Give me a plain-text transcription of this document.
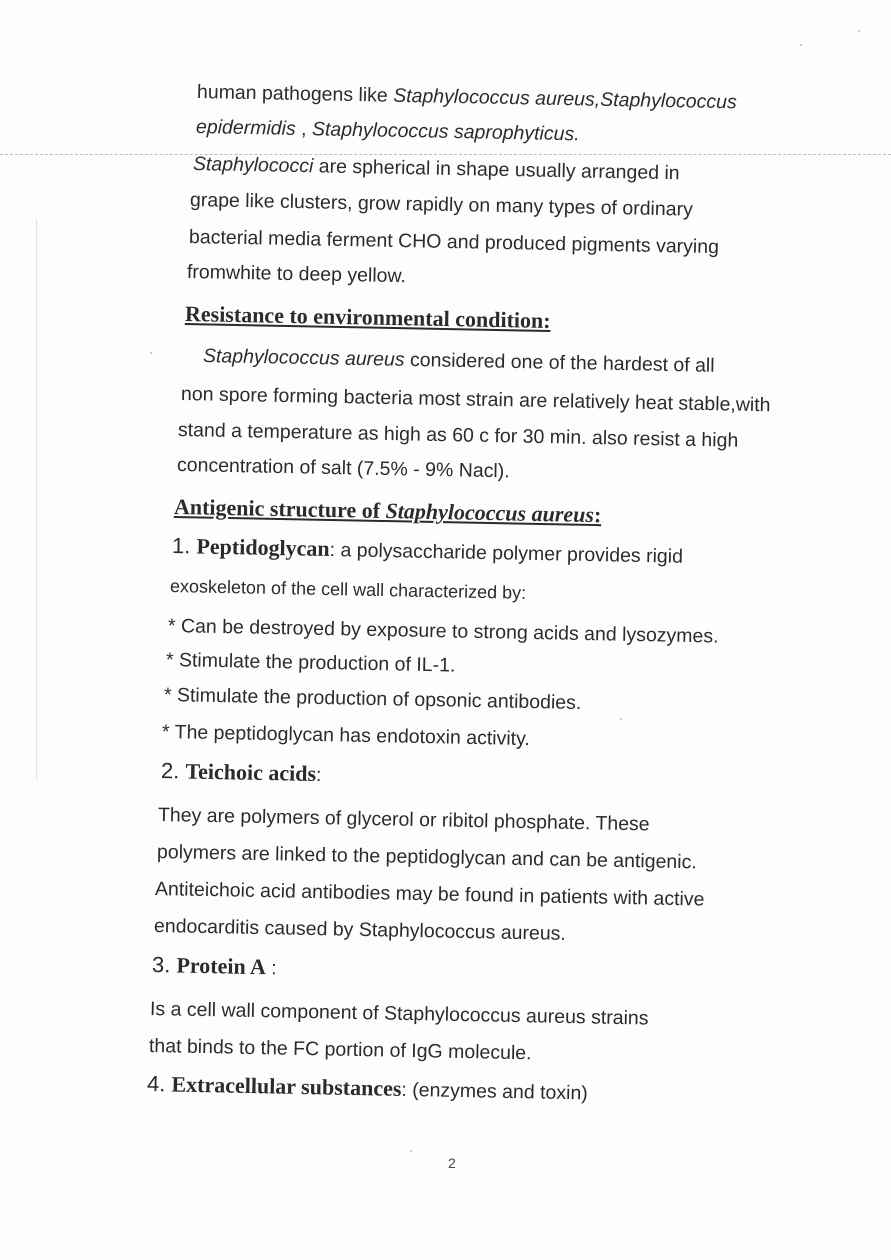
human pathogens like Staphylococcus aureus,Staphylococcus
epidermidis , Staphylococcus saprophyticus.
Staphylococci are spherical in shape usually arranged in
grape like clusters, grow rapidly on many types of ordinary
bacterial media ferment CHO and produced pigments varying
fromwhite to deep yellow.
Resistance to environmental condition:
Staphylococcus aureus considered one of the hardest of all
non spore forming bacteria most strain are relatively heat stable,with
stand a temperature as high as 60 c for 30 min. also resist a high
concentration of salt (7.5% - 9% Nacl).
Antigenic structure of Staphylococcus aureus:
1. Peptidoglycan: a polysaccharide polymer provides rigid
exoskeleton of the cell wall characterized by:
* Can be destroyed by exposure to strong acids and lysozymes.
* Stimulate the production of IL-1.
* Stimulate the production of opsonic antibodies.
* The peptidoglycan has endotoxin activity.
2. Teichoic acids:
They are polymers of glycerol or ribitol phosphate. These
polymers are linked to the peptidoglycan and can be antigenic.
Antiteichoic acid antibodies may be found in patients with active
endocarditis caused by Staphylococcus aureus.
3. Protein A :
Is a cell wall component of Staphylococcus aureus strains
that binds to the FC portion of IgG molecule.
4. Extracellular substances: (enzymes and toxin)
2
